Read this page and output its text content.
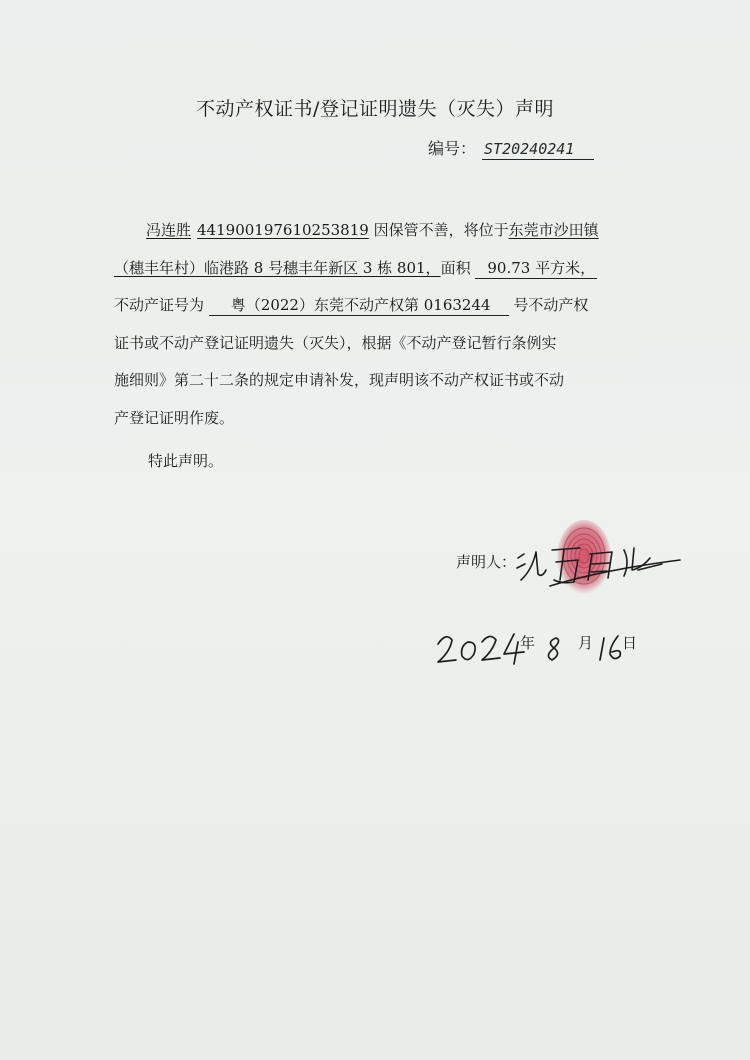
不动产权证书/登记证明遗失（灭失）声明
编号： ST20240241
冯连胜 441900197610253819 因保管不善，将位于东莞市沙田镇
（穗丰年村）临港路 8 号穗丰年新区 3 栋 801，面积 90.73 平方米，
不动产证号为 粤（2022）东莞不动产权第 0163244 号不动产权
证书或不动产登记证明遗失（灭失），根据《不动产登记暂行条例实
施细则》第二十二条的规定申请补发，现声明该不动产权证书或不动
产登记证明作废。
特此声明。
声明人：
年	月 日
